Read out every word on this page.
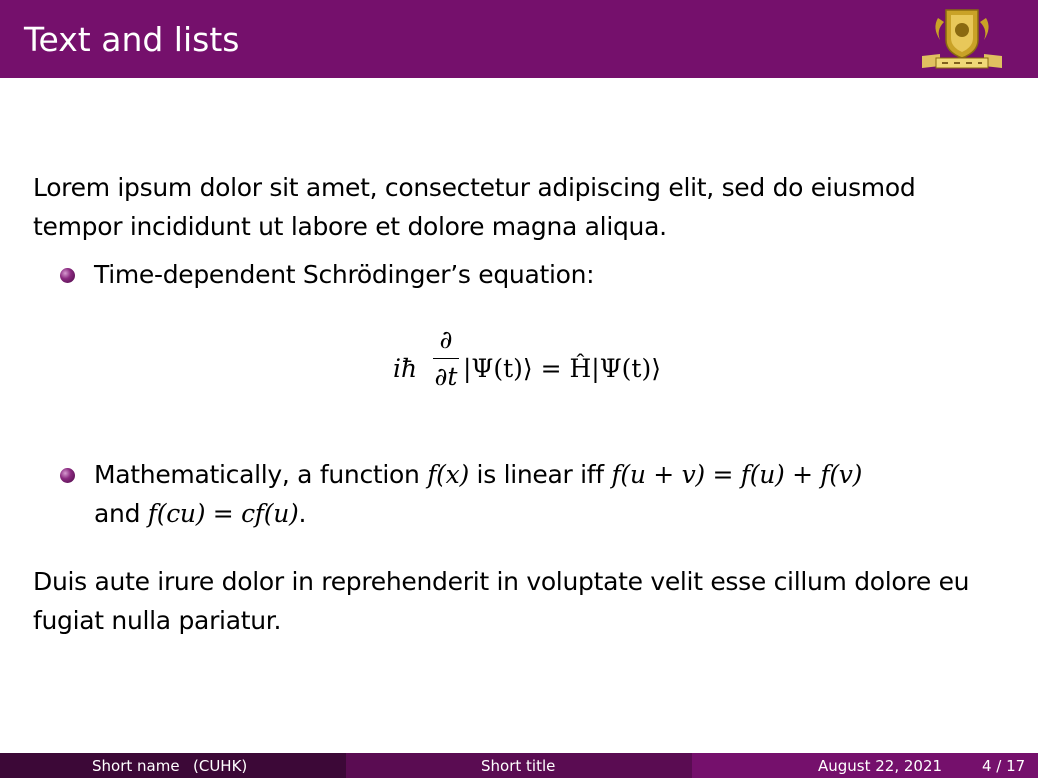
Text and lists
Lorem ipsum dolor sit amet, consectetur adipiscing elit, sed do eiusmod tempor incididunt ut labore et dolore magna aliqua.
Time-dependent Schrödinger’s equation:
iħ
∂
∂t |Ψ(t)⟩ = Ĥ|Ψ(t)⟩
Mathematically, a function f(x) is linear iff f(u + v) = f(u) + f(v)
and f(cu) = cf(u).
Duis aute irure dolor in reprehenderit in voluptate velit esse cillum dolore eu fugiat nulla pariatur.
Short name (CUHK)	Short title	August 22, 2021	4 / 17
